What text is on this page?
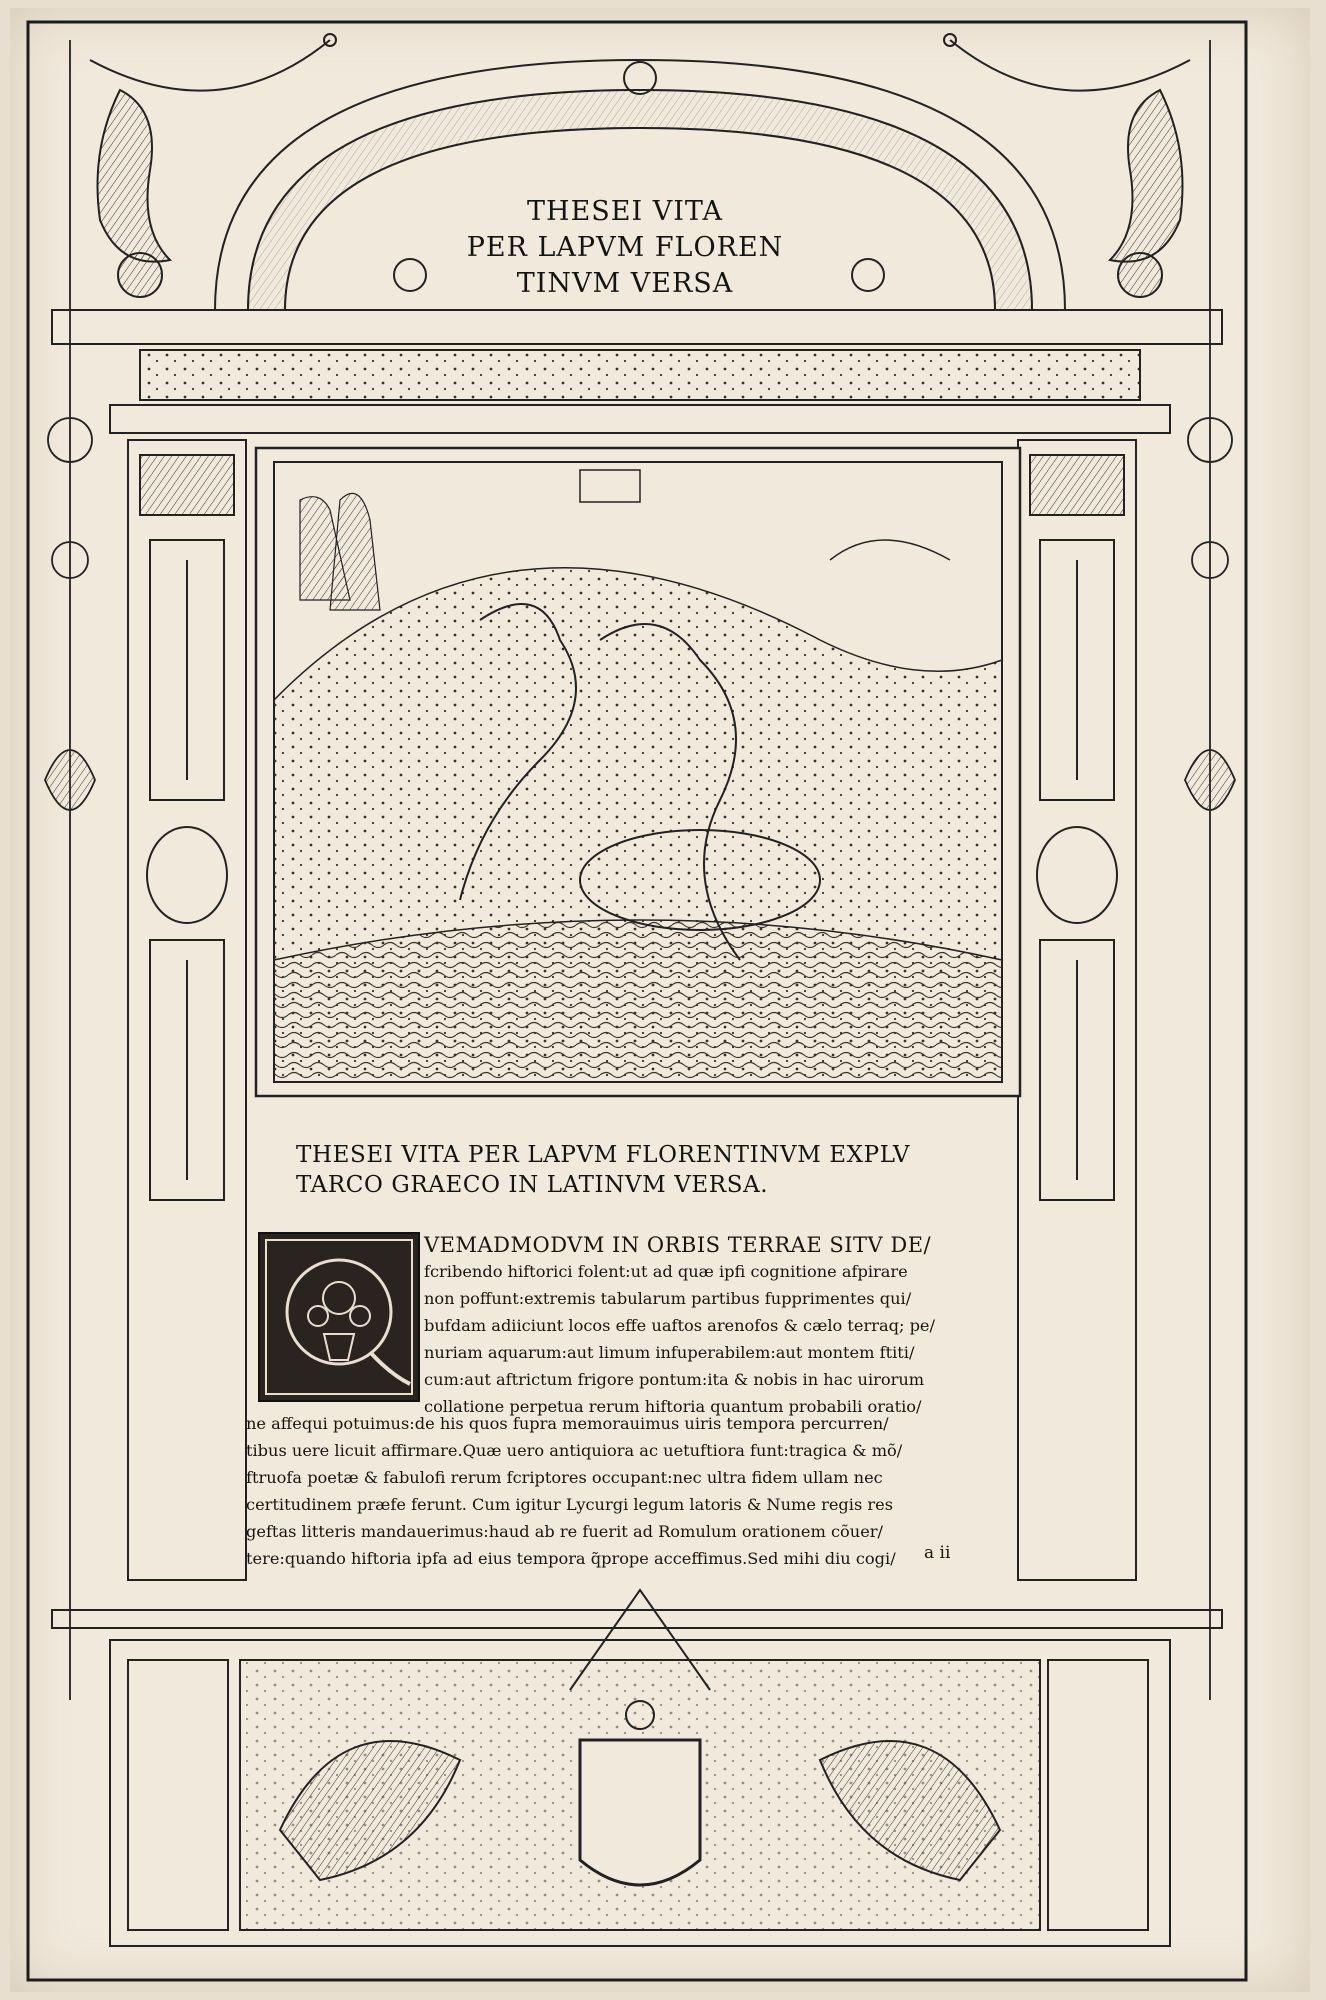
THESEI VITA
PER LAPVM FLOREN
TINVM VERSA
THESEI VITA PER LAPVM FLORENTINVM EXPLV
TARCO GRAECO IN LATINVM VERSA.
VEMADMODVM IN ORBIS TERRAE SITV DE/
fcribendo hiftorici folent:ut ad quæ ipfi cognitione afpirare
non poffunt:extremis tabularum partibus fupprimentes qui/
bufdam adiiciunt locos effe uaftos arenofos & cælo terraq; pe/
nuriam aquarum:aut limum infuperabilem:aut montem ftiti/
cum:aut aftrictum frigore pontum:ita & nobis in hac uirorum
collatione perpetua rerum hiftoria quantum probabili oratio/
ne affequi potuimus:de his quos fupra memorauimus uiris tempora percurren/
tibus uere licuit affirmare.Quæ uero antiquiora ac uetuftiora funt:tragica & mõ/
ftruofa poetæ & fabulofi rerum fcriptores occupant:nec ultra fidem ullam nec
certitudinem præfe ferunt. Cum igitur Lycurgi legum latoris & Nume regis res
geftas litteris mandauerimus:haud ab re fuerit ad Romulum orationem cõuer/
tere:quando hiftoria ipfa ad eius tempora q̃prope acceffimus.Sed mihi diu cogi/	a ii
